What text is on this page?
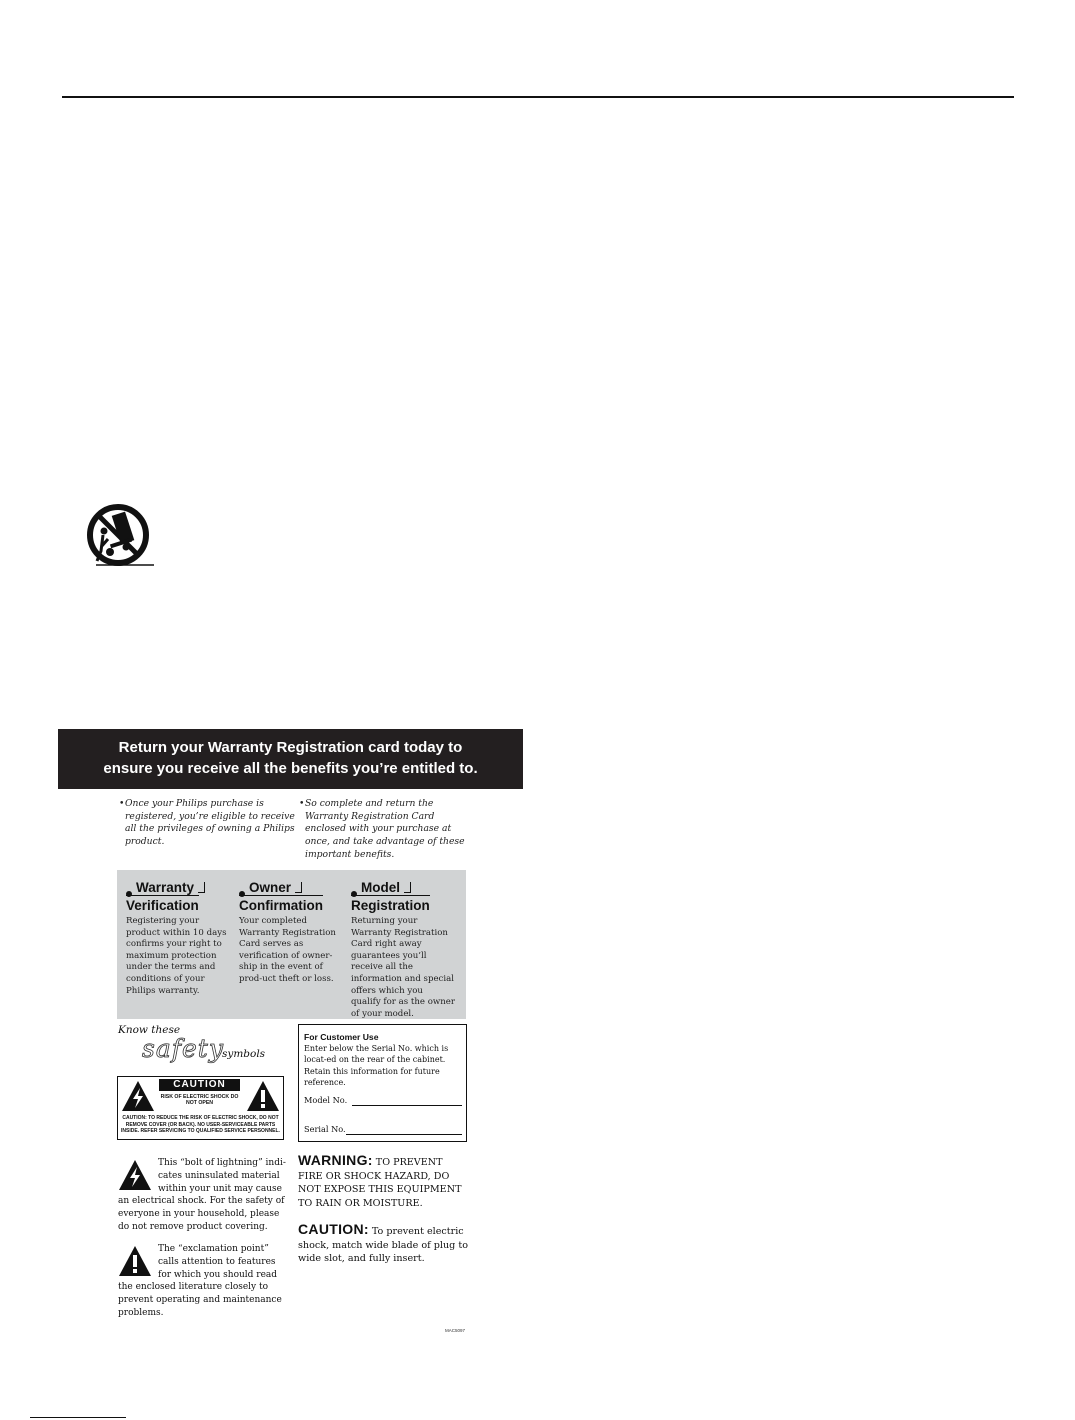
Return your Warranty Registration card today to
ensure you receive all the benefits you’re entitled to.
• Once your Philips purchase is registered, you’re eligible to receive all the privileges of owning a Philips product.
• So complete and return the Warranty Registration Card enclosed with your purchase at once, and take advantage of these important benefits.
Warranty
Verification
Registering your product within 10 days confirms your right to maximum protection under the terms and conditions of your Philips warranty.
Owner
Confirmation
Your completed Warranty Registration Card serves as verification of owner-ship in the event of prod-uct theft or loss.
Model
Registration
Returning your Warranty Registration Card right away guarantees you’ll receive all the information and special offers which you qualify for as the owner of your model.
Know these
safety
symbols
CAUTION
RISK OF ELECTRIC SHOCK DO NOT OPEN
CAUTION: TO REDUCE THE RISK OF ELECTRIC SHOCK, DO NOT REMOVE COVER (OR BACK). NO USER-SERVICEABLE PARTS INSIDE. REFER SERVICING TO QUALIFIED SERVICE PERSONNEL.
For Customer Use
Enter below the Serial No. which is locat-ed on the rear of the cabinet. Retain this information for future reference.
Model No.
Serial No.
This “bolt of lightning” indi-cates uninsulated material within your unit may cause an electrical shock. For the safety of everyone in your household, please do not remove product covering.
The “exclamation point” calls attention to features for which you should read the enclosed literature closely to prevent operating and maintenance problems.
WARNING: TO PREVENT FIRE OR SHOCK HAZARD, DO NOT EXPOSE THIS EQUIPMENT TO RAIN OR MOISTURE.
CAUTION: To prevent electric shock, match wide blade of plug to wide slot, and fully insert.
MAC5097
